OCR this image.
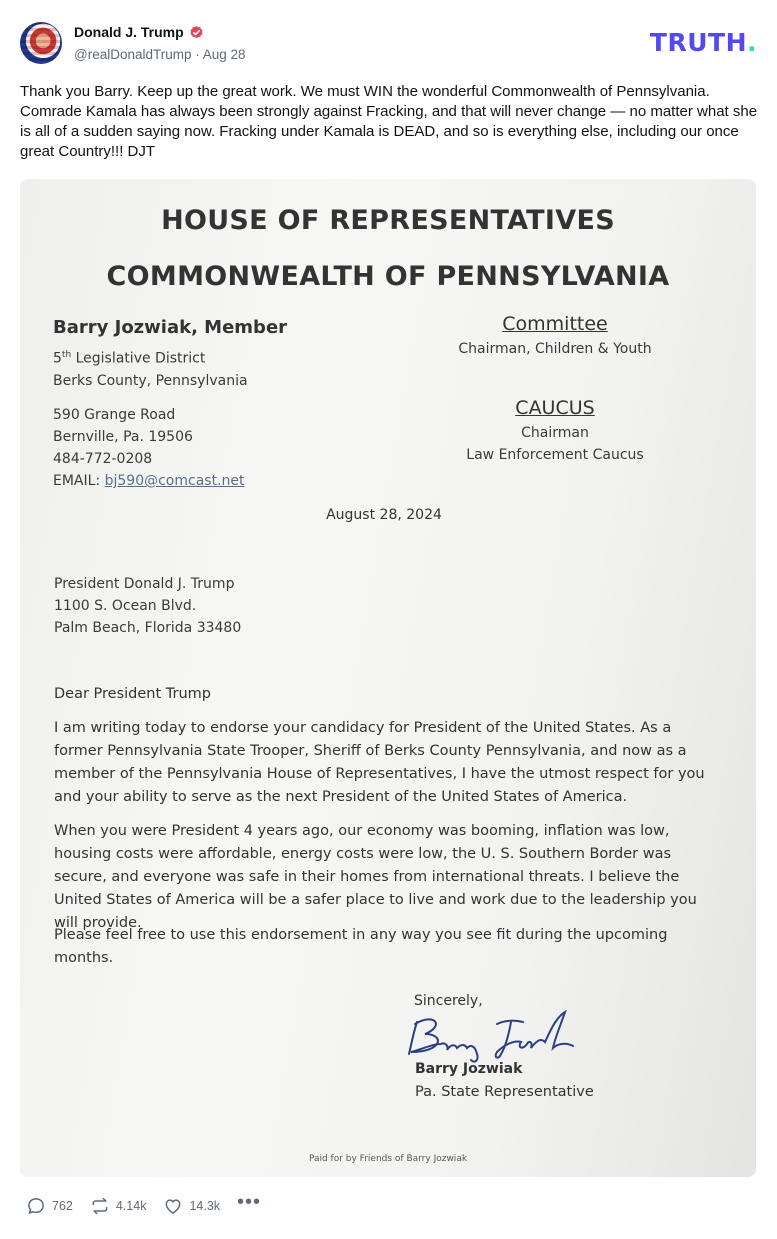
Donald J. Trump
@realDonaldTrump · Aug 28	TRUTH.
Thank you Barry. Keep up the great work. We must WIN the wonderful Commonwealth of Pennsylvania. Comrade Kamala has always been strongly against Fracking, and that will never change — no matter what she is all of a sudden saying now. Fracking under Kamala is DEAD, and so is everything else, including our once great Country!!! DJT
HOUSE OF REPRESENTATIVES
COMMONWEALTH OF PENNSYLVANIA
Barry Jozwiak, Member
5th Legislative District
Berks County, Pennsylvania
590 Grange Road
Bernville, Pa. 19506
484-772-0208
EMAIL: bj590@comcast.net
Committee
Chairman, Children & Youth
CAUCUS
Chairman
Law Enforcement Caucus
August 28, 2024
President Donald J. Trump
1100 S. Ocean Blvd.
Palm Beach, Florida 33480
Dear President Trump
I am writing today to endorse your candidacy for President of the United States. As a former Pennsylvania State Trooper, Sheriff of Berks County Pennsylvania, and now as a member of the Pennsylvania House of Representatives, I have the utmost respect for you and your ability to serve as the next President of the United States of America.
When you were President 4 years ago, our economy was booming, inflation was low, housing costs were affordable, energy costs were low, the U. S. Southern Border was secure, and everyone was safe in their homes from international threats. I believe the United States of America will be a safer place to live and work due to the leadership you will provide.
Please feel free to use this endorsement in any way you see fit during the upcoming months.
Sincerely,
Barry Jozwiak
Pa. State Representative
Paid for by Friends of Barry Jozwiak
762	4.14k	14.3k •••
